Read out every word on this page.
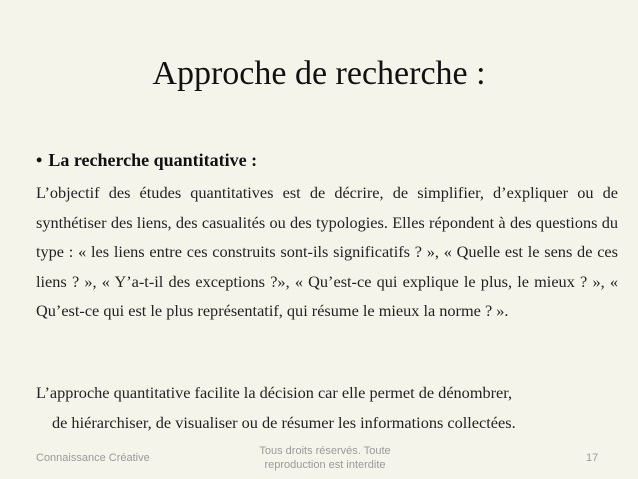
Approche de recherche :
• La recherche quantitative :
L’objectif des études quantitatives est de décrire, de simplifier, d’expliquer ou de synthétiser des liens, des casualités ou des typologies. Elles répondent à des questions du type : « les liens entre ces construits sont-ils significatifs ? », « Quelle est le sens de ces liens ? », « Y’a-t-il des exceptions ?», « Qu’est-ce qui explique le plus, le mieux ? », « Qu’est-ce qui est le plus représentatif, qui résume le mieux la norme ? ».
L’approche quantitative facilite la décision car elle permet de dénombrer,
de hiérarchiser, de visualiser ou de résumer les informations collectées.
Connaissance Créative
Tous droits réservés. Toute
reproduction est interdite
17
